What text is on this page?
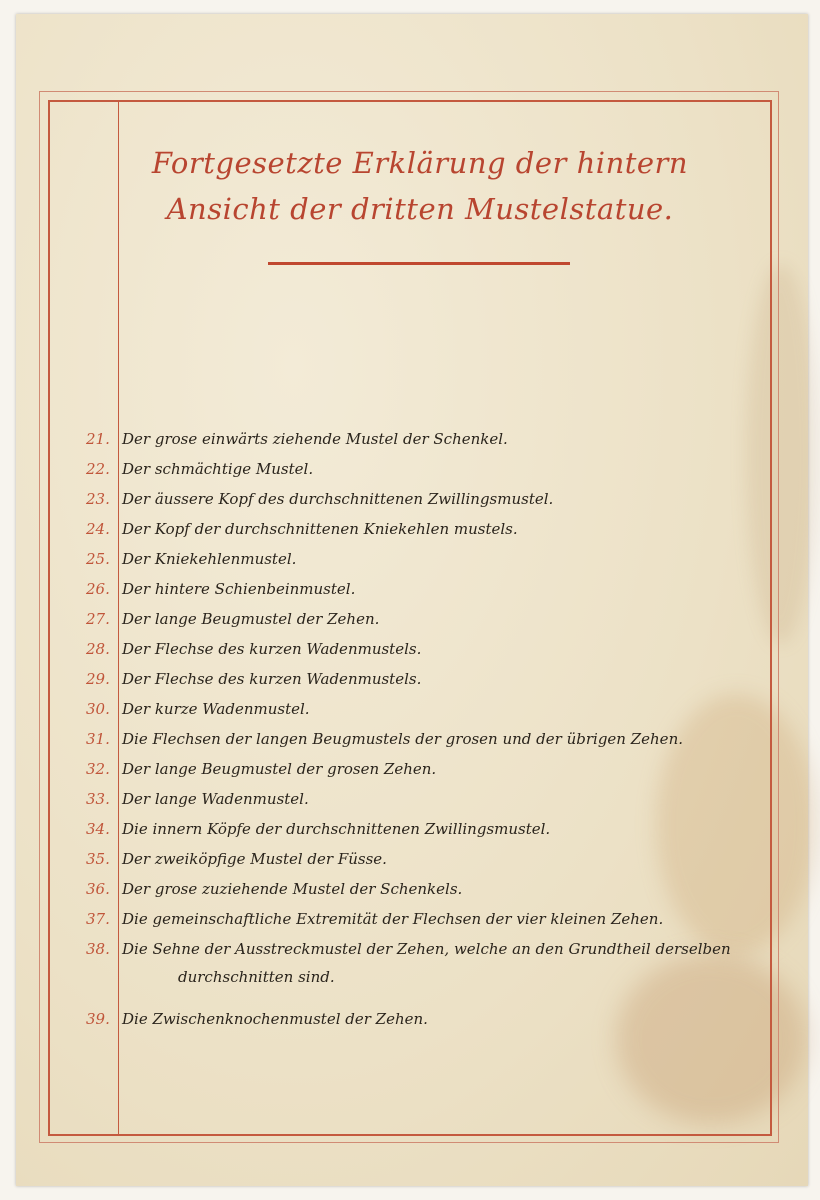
Fortgesetzte Erklärung der hintern Ansicht der dritten Mustelstatue.
21. Der grose einwärts ziehende Mustel der Schenkel.
22. Der schmächtige Mustel.
23. Der äussere Kopf des durchschnittenen Zwillingsmustel.
24. Der Kopf der durchschnittenen Kniekehlen mustels.
25. Der Kniekehlenmustel.
26. Der hintere Schienbeinmustel.
27. Der lange Beugmustel der Zehen.
28. Der Flechse des kurzen Wadenmustels.
29. Der Flechse des kurzen Wadenmustels.
30. Der kurze Wadenmustel.
31. Die Flechsen der langen Beugmustels der grosen und der übrigen Zehen.
32. Der lange Beugmustel der grosen Zehen.
33. Der lange Wadenmustel.
34. Die innern Köpfe der durchschnittenen Zwillingsmustel.
35. Der zweiköpfige Mustel der Füsse.
36. Der grose zuziehende Mustel der Schenkels.
37. Die gemeinschaftliche Extremität der Flechsen der vier kleinen Zehen.
38. Die Sehne der Ausstreckmustel der Zehen, welche an den Grundtheil derselben
durchschnitten sind.
39. Die Zwischenknochenmustel der Zehen.
